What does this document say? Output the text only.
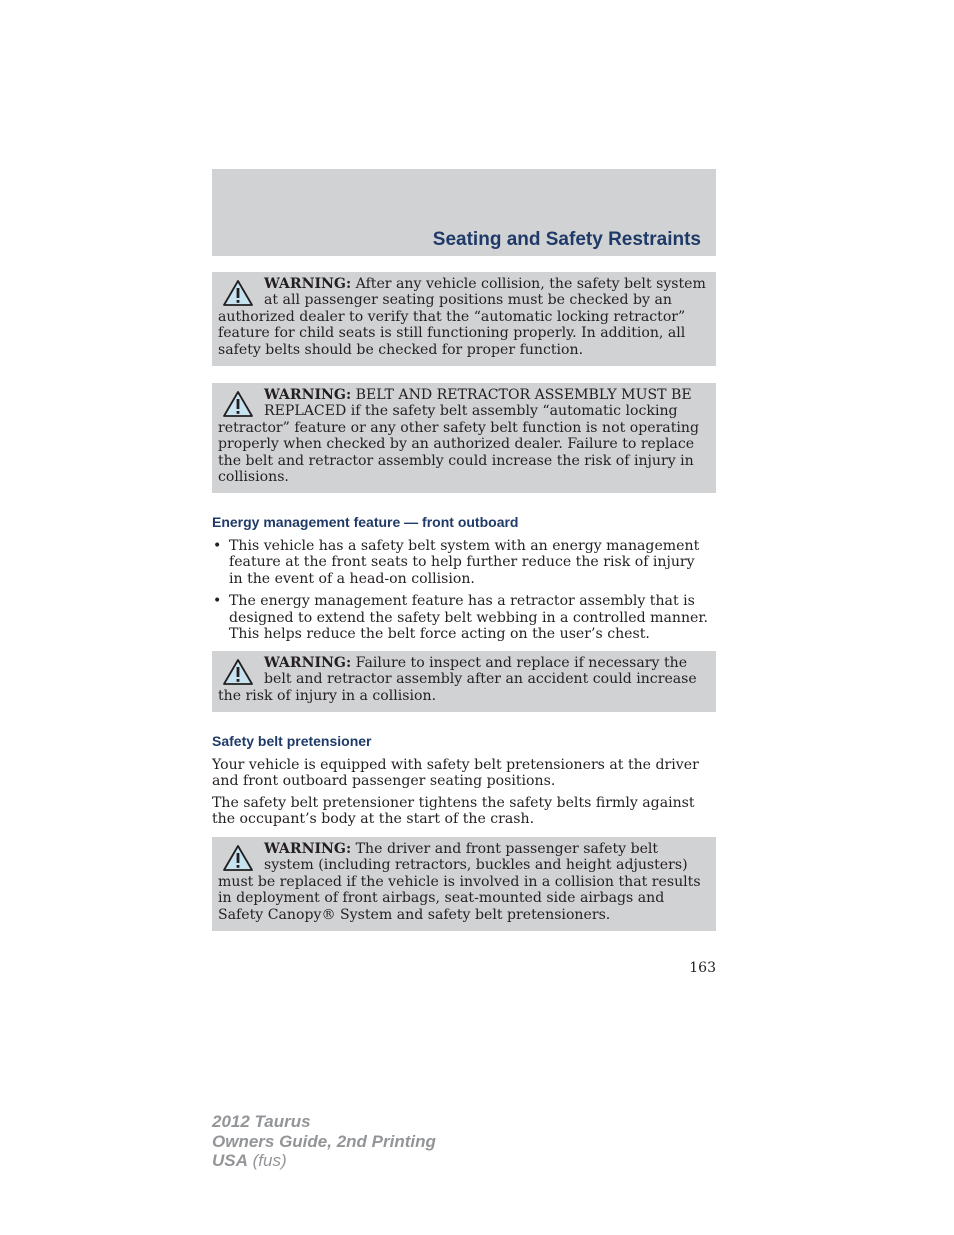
Seating and Safety Restraints
WARNING: After any vehicle collision, the safety belt system at all passenger seating positions must be checked by an authorized dealer to verify that the “automatic locking retractor” feature for child seats is still functioning properly. In addition, all safety belts should be checked for proper function.
WARNING: BELT AND RETRACTOR ASSEMBLY MUST BE REPLACED if the safety belt assembly “automatic locking retractor” feature or any other safety belt function is not operating properly when checked by an authorized dealer. Failure to replace the belt and retractor assembly could increase the risk of injury in collisions.
Energy management feature — front outboard
• This vehicle has a safety belt system with an energy management feature at the front seats to help further reduce the risk of injury in the event of a head-on collision.
• The energy management feature has a retractor assembly that is designed to extend the safety belt webbing in a controlled manner. This helps reduce the belt force acting on the user’s chest.
WARNING: Failure to inspect and replace if necessary the belt and retractor assembly after an accident could increase the risk of injury in a collision.
Safety belt pretensioner

Your vehicle is equipped with safety belt pretensioners at the driver and front outboard passenger seating positions.

The safety belt pretensioner tightens the safety belts firmly against the occupant’s body at the start of the crash.

WARNING: The driver and front passenger safety belt system (including retractors, buckles and height adjusters) must be replaced if the vehicle is involved in a collision that results in deployment of front airbags, seat-mounted side airbags and Safety Canopy® System and safety belt pretensioners.
163
2012 Taurus
Owners Guide, 2nd Printing
USA (fus)
